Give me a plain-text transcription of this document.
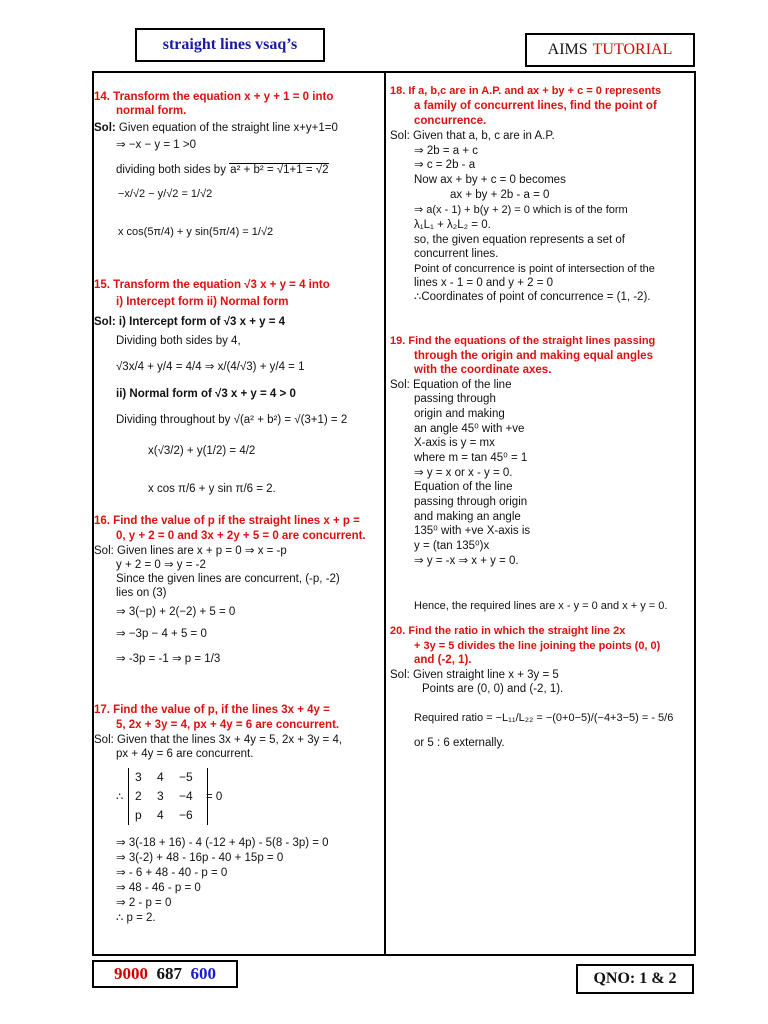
straight lines vsaq’s	AIMS TUTORIAL
14. Transform the equation x + y + 1 = 0 into
normal form.
Sol: Given equation of the straight line x+y+1=0
⇒ −x − y = 1 >0
dividing both sides by a² + b² = √1+1 = √2
−x/√2 − y/√2 = 1/√2
x cos(5π/4) + y sin(5π/4) = 1/√2
15. Transform the equation √3 x + y = 4 into
i) Intercept form ii) Normal form
Sol: i) Intercept form of √3 x + y = 4
Dividing both sides by 4,
√3x/4 + y/4 = 4/4 ⇒ x/(4/√3) + y/4 = 1
ii) Normal form of √3 x + y = 4 > 0
Dividing throughout by √(a² + b²) = √(3+1) = 2
x(√3/2) + y(1/2) = 4/2
x cos π/6 + y sin π/6 = 2.
16. Find the value of p if the straight lines x + p =
0, y + 2 = 0 and 3x + 2y + 5 = 0 are concurrent.
Sol: Given lines are x + p = 0 ⇒ x = -p
y + 2 = 0 ⇒ y = -2
Since the given lines are concurrent, (-p, -2)
lies on (3)
⇒ 3(−p) + 2(−2) + 5 = 0
⇒ −3p − 4 + 5 = 0
⇒ -3p = -1 ⇒ p = 1/3
17. Find the value of p, if the lines 3x + 4y =
5, 2x + 3y = 4, px + 4y = 6 are concurrent.
Sol: Given that the lines 3x + 4y = 5, 2x + 3y = 4,
px + 4y = 6 are concurrent.
∴
3 4 −5
2 3 −4
p 4 −6
= 0
⇒ 3(-18 + 16) - 4 (-12 + 4p) - 5(8 - 3p) = 0
⇒ 3(-2) + 48 - 16p - 40 + 15p = 0
⇒ - 6 + 48 - 40 - p = 0
⇒ 48 - 46 - p = 0
⇒ 2 - p = 0
∴ p = 2.
18. If a, b,c are in A.P. and ax + by + c = 0 represents
a family of concurrent lines, find the point of
concurrence.
Sol: Given that a, b, c are in A.P.
⇒ 2b = a + c
⇒ c = 2b - a
Now ax + by + c = 0 becomes
ax + by + 2b - a = 0
⇒ a(x - 1) + b(y + 2) = 0 which is of the form
λ₁L₁ + λ₂L₂ = 0.
so, the given equation represents a set of
concurrent lines.
Point of concurrence is point of intersection of the
lines x - 1 = 0 and y + 2 = 0
∴Coordinates of point of concurrence = (1, -2).
19. Find the equations of the straight lines passing
through the origin and making equal angles
with the coordinate axes.
Sol: Equation of the line
passing through
origin and making
an angle 45⁰ with +ve
X-axis is y = mx
where m = tan 45⁰ = 1
⇒ y = x or x - y = 0.
Equation of the line
passing through origin
and making an angle
135⁰ with +ve X-axis is
y = (tan 135⁰)x
⇒ y = -x ⇒ x + y = 0.
Hence, the required lines are x - y = 0 and x + y = 0.
20. Find the ratio in which the straight line 2x
+ 3y = 5 divides the line joining the points (0, 0)
and (-2, 1).
Sol: Given straight line x + 3y = 5
Points are (0, 0) and (-2, 1).
Required ratio = −L₁₁/L₂₂ = −(0+0−5)/(−4+3−5) = - 5/6
or 5 : 6 externally.
9000
687
600	QNO: 1 & 2
